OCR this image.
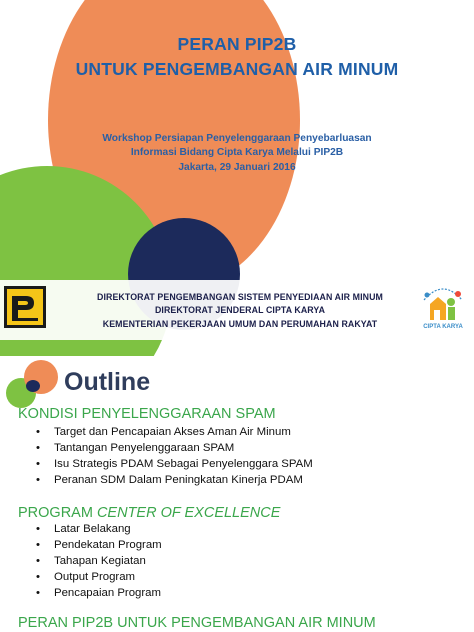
PERAN PIP2B
UNTUK PENGEMBANGAN AIR MINUM
Workshop Persiapan Penyelenggaraan Penyebarluasan
Informasi Bidang Cipta Karya Melalui PIP2B
Jakarta, 29 Januari 2016
DIREKTORAT PENGEMBANGAN SISTEM PENYEDIAAN AIR MINUM
DIREKTORAT JENDERAL CIPTA KARYA
KEMENTERIAN PEKERJAAN UMUM DAN PERUMAHAN RAKYAT	CIPTA KARYA
Outline
KONDISI PENYELENGGARAAN SPAM
• Target dan Pencapaian Akses Aman Air Minum
• Tantangan Penyelenggaraan SPAM
• Isu Strategis PDAM Sebagai Penyelenggara SPAM
• Peranan SDM Dalam Peningkatan Kinerja PDAM
PROGRAM CENTER OF EXCELLENCE
• Latar Belakang
• Pendekatan Program
• Tahapan Kegiatan
• Output Program
• Pencapaian Program
PERAN PIP2B UNTUK PENGEMBANGAN AIR MINUM
